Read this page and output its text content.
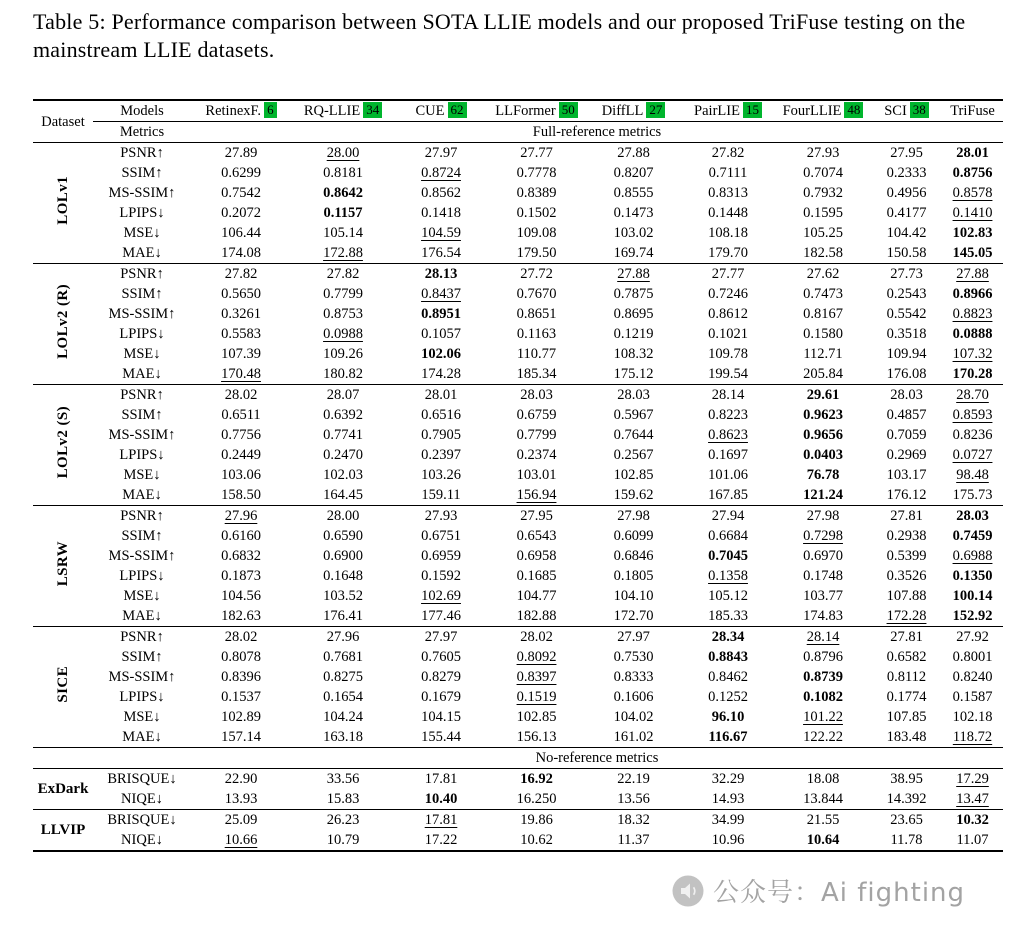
Table 5: Performance comparison between SOTA LLIE models and our proposed TriFuse testing on the mainstream LLIE datasets.
Dataset	Models	RetinexF. 6	RQ-LLIE 34	CUE 62	LLFormer 50	DiffLL 27	PairLIE 15	FourLLIE 48	SCI 38	TriFuse
	Metrics	Full-reference metrics								
LOLv1	PSNR↑	27.89	28.00	27.97	27.77	27.88	27.82	27.93	27.95	28.01
	SSIM↑	0.6299	0.8181	0.8724	0.7778	0.8207	0.7111	0.7074	0.2333	0.8756
	MS-SSIM↑	0.7542	0.8642	0.8562	0.8389	0.8555	0.8313	0.7932	0.4956	0.8578
	LPIPS↓	0.2072	0.1157	0.1418	0.1502	0.1473	0.1448	0.1595	0.4177	0.1410
	MSE↓	106.44	105.14	104.59	109.08	103.02	108.18	105.25	104.42	102.83
	MAE↓	174.08	172.88	176.54	179.50	169.74	179.70	182.58	150.58	145.05
LOLv2 (R)	PSNR↑	27.82	27.82	28.13	27.72	27.88	27.77	27.62	27.73	27.88
	SSIM↑	0.5650	0.7799	0.8437	0.7670	0.7875	0.7246	0.7473	0.2543	0.8966
	MS-SSIM↑	0.3261	0.8753	0.8951	0.8651	0.8695	0.8612	0.8167	0.5542	0.8823
	LPIPS↓	0.5583	0.0988	0.1057	0.1163	0.1219	0.1021	0.1580	0.3518	0.0888
	MSE↓	107.39	109.26	102.06	110.77	108.32	109.78	112.71	109.94	107.32
	MAE↓	170.48	180.82	174.28	185.34	175.12	199.54	205.84	176.08	170.28
LOLv2 (S)	PSNR↑	28.02	28.07	28.01	28.03	28.03	28.14	29.61	28.03	28.70
	SSIM↑	0.6511	0.6392	0.6516	0.6759	0.5967	0.8223	0.9623	0.4857	0.8593
	MS-SSIM↑	0.7756	0.7741	0.7905	0.7799	0.7644	0.8623	0.9656	0.7059	0.8236
	LPIPS↓	0.2449	0.2470	0.2397	0.2374	0.2567	0.1697	0.0403	0.2969	0.0727
	MSE↓	103.06	102.03	103.26	103.01	102.85	101.06	76.78	103.17	98.48
	MAE↓	158.50	164.45	159.11	156.94	159.62	167.85	121.24	176.12	175.73
LSRW	PSNR↑	27.96	28.00	27.93	27.95	27.98	27.94	27.98	27.81	28.03
	SSIM↑	0.6160	0.6590	0.6751	0.6543	0.6099	0.6684	0.7298	0.2938	0.7459
	MS-SSIM↑	0.6832	0.6900	0.6959	0.6958	0.6846	0.7045	0.6970	0.5399	0.6988
	LPIPS↓	0.1873	0.1648	0.1592	0.1685	0.1805	0.1358	0.1748	0.3526	0.1350
	MSE↓	104.56	103.52	102.69	104.77	104.10	105.12	103.77	107.88	100.14
	MAE↓	182.63	176.41	177.46	182.88	172.70	185.33	174.83	172.28	152.92
SICE	PSNR↑	28.02	27.96	27.97	28.02	27.97	28.34	28.14	27.81	27.92
	SSIM↑	0.8078	0.7681	0.7605	0.8092	0.7530	0.8843	0.8796	0.6582	0.8001
	MS-SSIM↑	0.8396	0.8275	0.8279	0.8397	0.8333	0.8462	0.8739	0.8112	0.8240
	LPIPS↓	0.1537	0.1654	0.1679	0.1519	0.1606	0.1252	0.1082	0.1774	0.1587
	MSE↓	102.89	104.24	104.15	102.85	104.02	96.10	101.22	107.85	102.18
	MAE↓	157.14	163.18	155.44	156.13	161.02	116.67	122.22	183.48	118.72
		No-reference metrics								
ExDark	BRISQUE↓	22.90	33.56	17.81	16.92	22.19	32.29	18.08	38.95	17.29
	NIQE↓	13.93	15.83	10.40	16.250	13.56	14.93	13.844	14.392	13.47
LLVIP	BRISQUE↓	25.09	26.23	17.81	19.86	18.32	34.99	21.55	23.65	10.32
	NIQE↓	10.66	10.79	17.22	10.62	11.37	10.96	10.64	11.78	11.07
公众号：Ai fighting
